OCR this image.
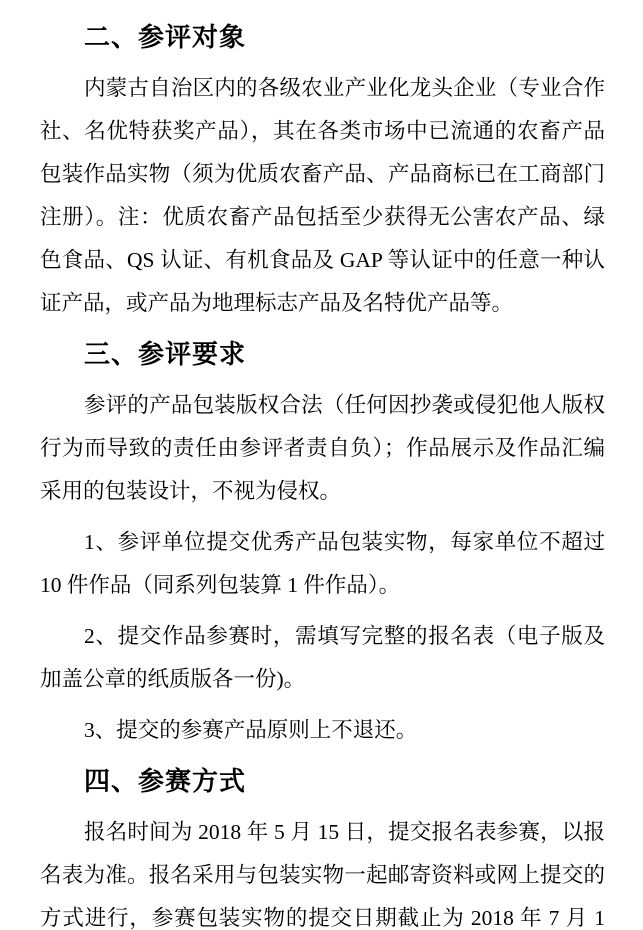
二、参评对象

内蒙古自治区内的各级农业产业化龙头企业（专业合作社、名优特获奖产品），其在各类市场中已流通的农畜产品包装作品实物（须为优质农畜产品、产品商标已在工商部门注册）。注：优质农畜产品包括至少获得无公害农产品、绿色食品、QS 认证、有机食品及 GAP 等认证中的任意一种认证产品，或产品为地理标志产品及名特优产品等。

三、参评要求

参评的产品包装版权合法（任何因抄袭或侵犯他人版权行为而导致的责任由参评者责自负）；作品展示及作品汇编采用的包装设计，不视为侵权。

1、参评单位提交优秀产品包装实物，每家单位不超过 10 件作品（同系列包装算 1 件作品）。

2、提交作品参赛时，需填写完整的报名表（电子版及加盖公章的纸质版各一份)。

3、提交的参赛产品原则上不退还。

四、参赛方式

报名时间为 2018 年 5 月 15 日，提交报名表参赛，以报名表为准。报名采用与包装实物一起邮寄资料或网上提交的方式进行，参赛包装实物的提交日期截止为 2018 年 7 月 1
